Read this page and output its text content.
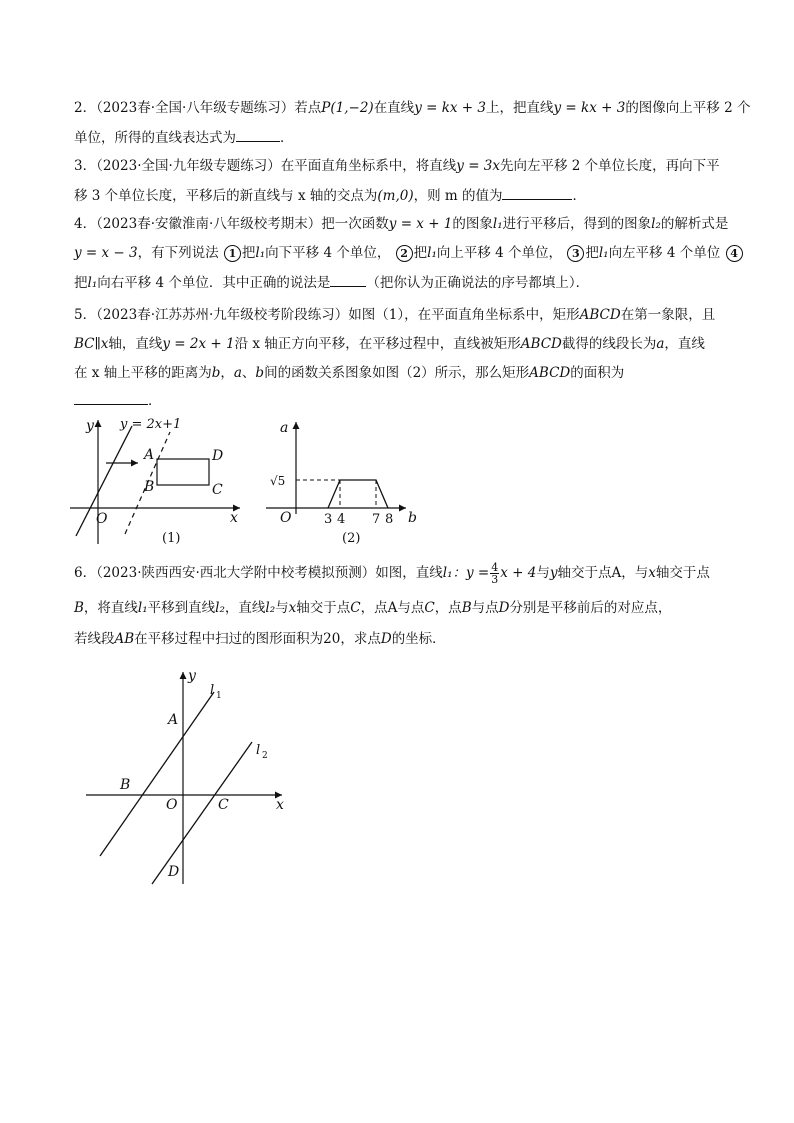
2．（2023春·全国·八年级专题练习）若点P(1,−2)在直线y = kx + 3上，把直线y = kx + 3的图像向上平移 2 个
单位，所得的直线表达式为	．
3．（2023·全国·九年级专题练习）在平面直角坐标系中，将直线y = 3x先向左平移 2 个单位长度，再向下平
移 3 个单位长度，平移后的新直线与 x 轴的交点为(m,0)，则 m 的值为	．
4．（2023春·安徽淮南·八年级校考期末）把一次函数y = x + 1的图象l₁进行平移后，得到的图象l₂的解析式是
y = x − 3，有下列说法 1 把l₁向下平移 4 个单位， 2 把l₁向上平移 4 个单位， 3 把l₁向左平移 4 个单位 4
把l₁向右平移 4 个单位．其中正确的说法是	（把你认为正确说法的序号都填上）．
5．（2023春·江苏苏州·九年级校考阶段练习）如图（1），在平面直角坐标系中，矩形ABCD在第一象限，且
BC∥x轴，直线y = 2x + 1沿 x 轴正方向平移，在平移过程中，直线被矩形ABCD截得的线段长为a，直线
在 x 轴上平移的距离为b，a、b间的函数关系图象如图（2）所示，那么矩形ABCD的面积为
．
y
x
O
y = 2x+1
A
B	C
D
(1)
a
b
O
√5
3 4 7 8
(2)
6．（2023·陕西西安·西北大学附中校考模拟预测）如图，直线l₁：$y = \frac{4}{3}$ x + 4与y轴交于点A，与x轴交于点
B，将直线l₁平移到直线l₂，直线l₂与x轴交于点C，点A与点C，点B与点D分别是平移前后的对应点，
若线段AB在平移过程中扫过的图形面积为20，求点D的坐标．
y
x
O
A
B
C
D
l 1
l 2
